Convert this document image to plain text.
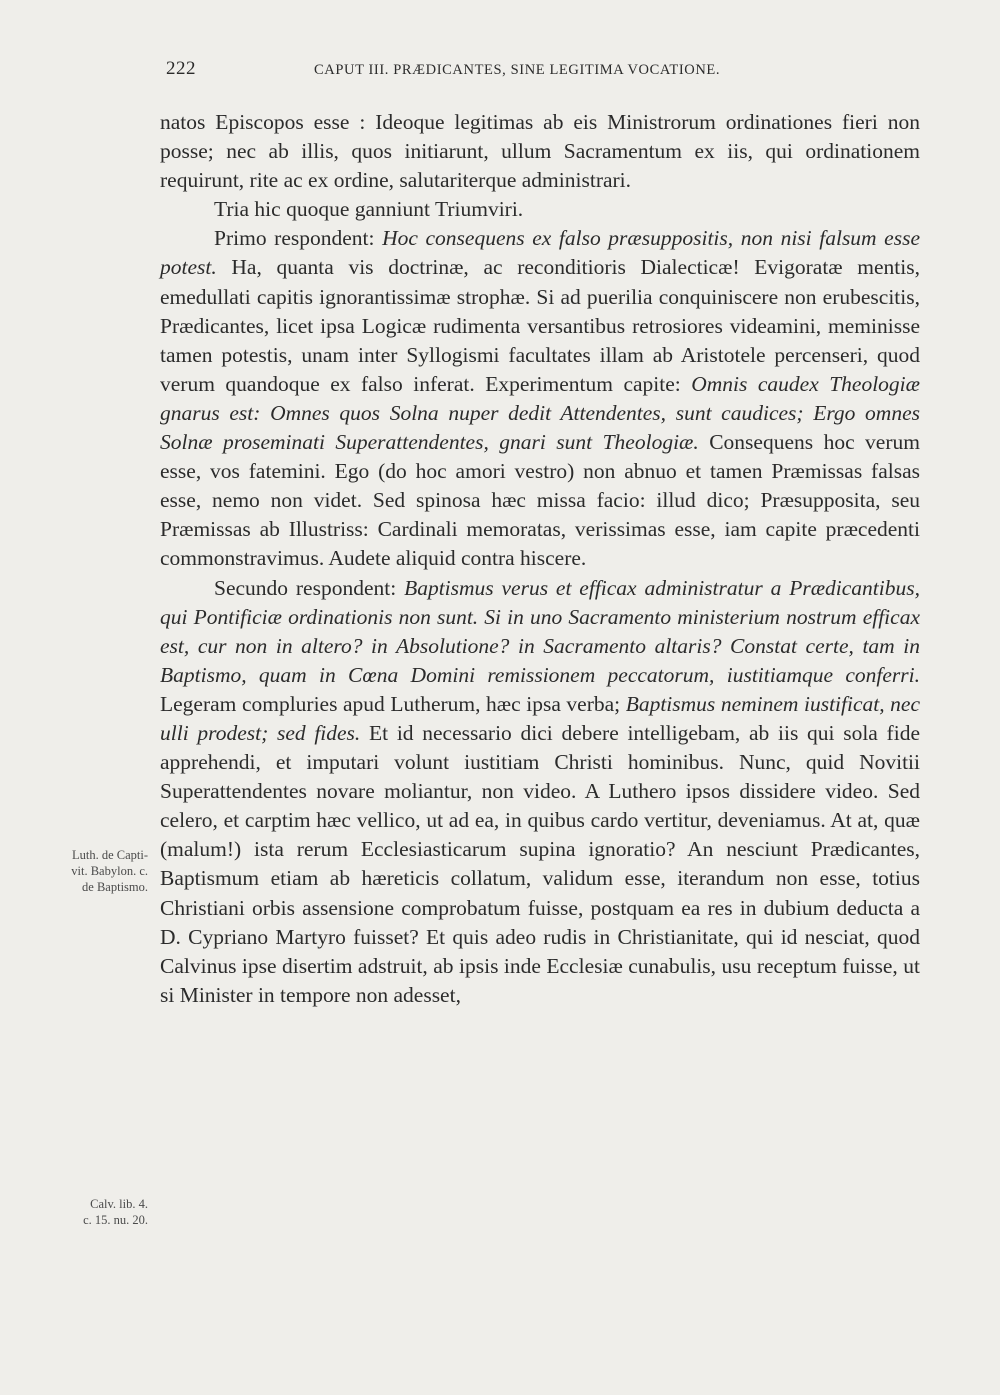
222	CAPUT III. PRÆDICANTES, SINE LEGITIMA VOCATIONE.

natos Episcopos esse : Ideoque legitimas ab eis Ministrorum ordinationes fieri non posse; nec ab illis, quos initiarunt, ullum Sacramentum ex iis, qui ordinationem requirunt, rite ac ex ordine, salutariterque administrari.

Tria hic quoque ganniunt Triumviri.

Primo respondent: Hoc consequens ex falso præsuppositis, non nisi falsum esse potest. Ha, quanta vis doctrinæ, ac reconditioris Dialecticæ! Evigoratæ mentis, emedullati capitis ignorantissimæ strophæ. Si ad puerilia conquiniscere non erubescitis, Prædicantes, licet ipsa Logicæ rudimenta versantibus retrosiores videamini, meminisse tamen potestis, unam inter Syllogismi facultates illam ab Aristotele percenseri, quod verum quandoque ex falso inferat. Experimentum capite: Omnis caudex Theologiæ gnarus est: Omnes quos Solna nuper dedit Attendentes, sunt caudices; Ergo omnes Solnæ proseminati Superattendentes, gnari sunt Theologiæ. Consequens hoc verum esse, vos fatemini. Ego (do hoc amori vestro) non abnuo et tamen Præmissas falsas esse, nemo non videt. Sed spinosa hæc missa facio: illud dico; Præsupposita, seu Præmissas ab Illustriss: Cardinali memoratas, verissimas esse, iam capite præcedenti commonstravimus. Audete aliquid contra hiscere.

Secundo respondent: Baptismus verus et efficax administratur a Prædicantibus, qui Pontificiæ ordinationis non sunt. Si in uno Sacramento ministerium nostrum efficax est, cur non in altero? in Absolutione? in Sacramento altaris? Constat certe, tam in Baptismo, quam in Cœna Domini remissionem peccatorum, iustitiamque conferri. Legeram compluries apud Lutherum, hæc ipsa verba; Baptismus neminem iustificat, nec ulli prodest; sed fides. Et id necessario dici debere intelligebam, ab iis qui sola fide apprehendi, et imputari volunt iustitiam Christi hominibus. Nunc, quid Novitii Superattendentes novare moliantur, non video. A Luthero ipsos dissidere video. Sed celero, et carptim hæc vellico, ut ad ea, in quibus cardo vertitur, deveniamus. At at, quæ (malum!) ista rerum Ecclesiasticarum supina ignoratio? An nesciunt Prædicantes, Baptismum etiam ab hæreticis collatum, validum esse, iterandum non esse, totius Christiani orbis assensione comprobatum fuisse, postquam ea res in dubium deducta a D. Cypriano Martyro fuisset? Et quis adeo rudis in Christianitate, qui id nesciat, quod Calvinus ipse disertim adstruit, ab ipsis inde Ecclesiæ cunabulis, usu receptum fuisse, ut si Minister in tempore non adesset,

Luth. de Capti-
vit. Babylon. c.
de Baptismo.
Calv. lib. 4.
c. 15. nu. 20.
